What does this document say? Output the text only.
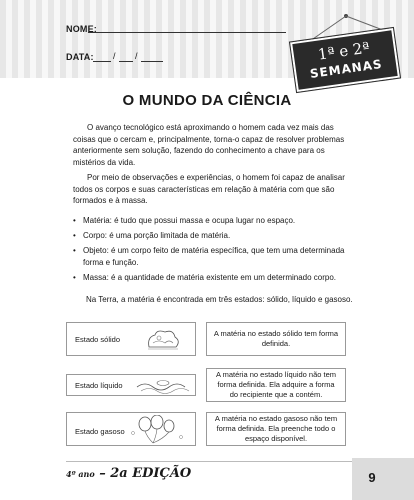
NOME:
DATA: / /	1ª e 2ª
SEMANAS
O MUNDO DA CIÊNCIA

O avanço tecnológico está aproximando o homem cada vez mais das coisas que o cercam e, principalmente, torna-o capaz de resolver problemas anteriormente sem solução, fazendo do conhecimento a chave para os mistérios da vida.

Por meio de observações e experiências, o homem foi capaz de analisar todos os corpos e suas características em relação à matéria com que são formados e à massa.

• Matéria: é tudo que possui massa e ocupa lugar no espaço.
• Corpo: é uma porção limitada de matéria.
• Objeto: é um corpo feito de matéria específica, que tem uma determinada forma e função.
• Massa: é a quantidade de matéria existente em um determinado corpo.
Na Terra, a matéria é encontrada em três estados: sólido, líquido e gasoso.
Estado sólido
A matéria no estado sólido tem forma definida.
Estado líquido
A matéria no estado líquido não tem forma definida. Ela adquire a forma do recipiente que a contém.
Estado gasoso
A matéria no estado gasoso não tem forma definida. Ela preenche todo o espaço disponível.
4º ano – 2a EDIÇÃO	9
